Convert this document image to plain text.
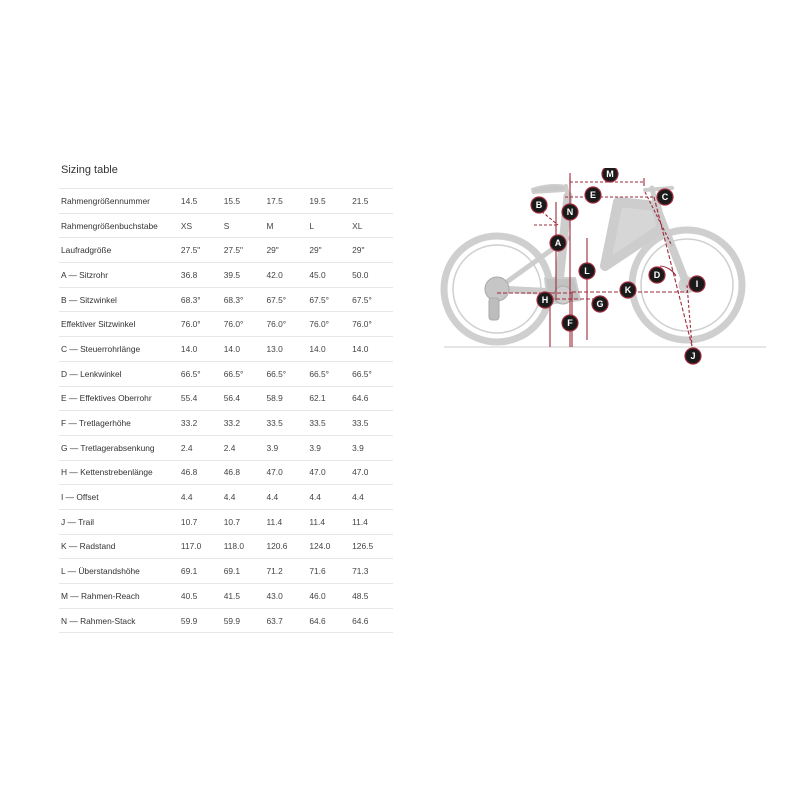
Sizing table
Rahmengrößennummer	14.5	15.5	17.5	19.5	21.5
Rahmengrößenbuchstabe	XS	S	M	L	XL
Laufradgröße	27.5"	27.5"	29"	29"	29"
A — Sitzrohr	36.8	39.5	42.0	45.0	50.0
B — Sitzwinkel	68.3°	68.3°	67.5°	67.5°	67.5°
Effektiver Sitzwinkel	76.0°	76.0°	76.0°	76.0°	76.0°
C — Steuerrohrlänge	14.0	14.0	13.0	14.0	14.0
D — Lenkwinkel	66.5°	66.5°	66.5°	66.5°	66.5°
E — Effektives Oberrohr	55.4	56.4	58.9	62.1	64.6
F — Tretlagerhöhe	33.2	33.2	33.5	33.5	33.5
G — Tretlagerabsenkung	2.4	2.4	3.9	3.9	3.9
H — Kettenstrebenlänge	46.8	46.8	47.0	47.0	47.0
I — Offset	4.4	4.4	4.4	4.4	4.4
J — Trail	10.7	10.7	11.4	11.4	11.4
K — Radstand	117.0	118.0	120.6	124.0	126.5
L — Überstandshöhe	69.1	69.1	71.2	71.6	71.3
M — Rahmen-Reach	40.5	41.5	43.0	46.0	48.5
N — Rahmen-Stack	59.9	59.9	63.7	64.6	64.6
M
E	C
B
N
A
L	D
I
K
H	G
F
J
